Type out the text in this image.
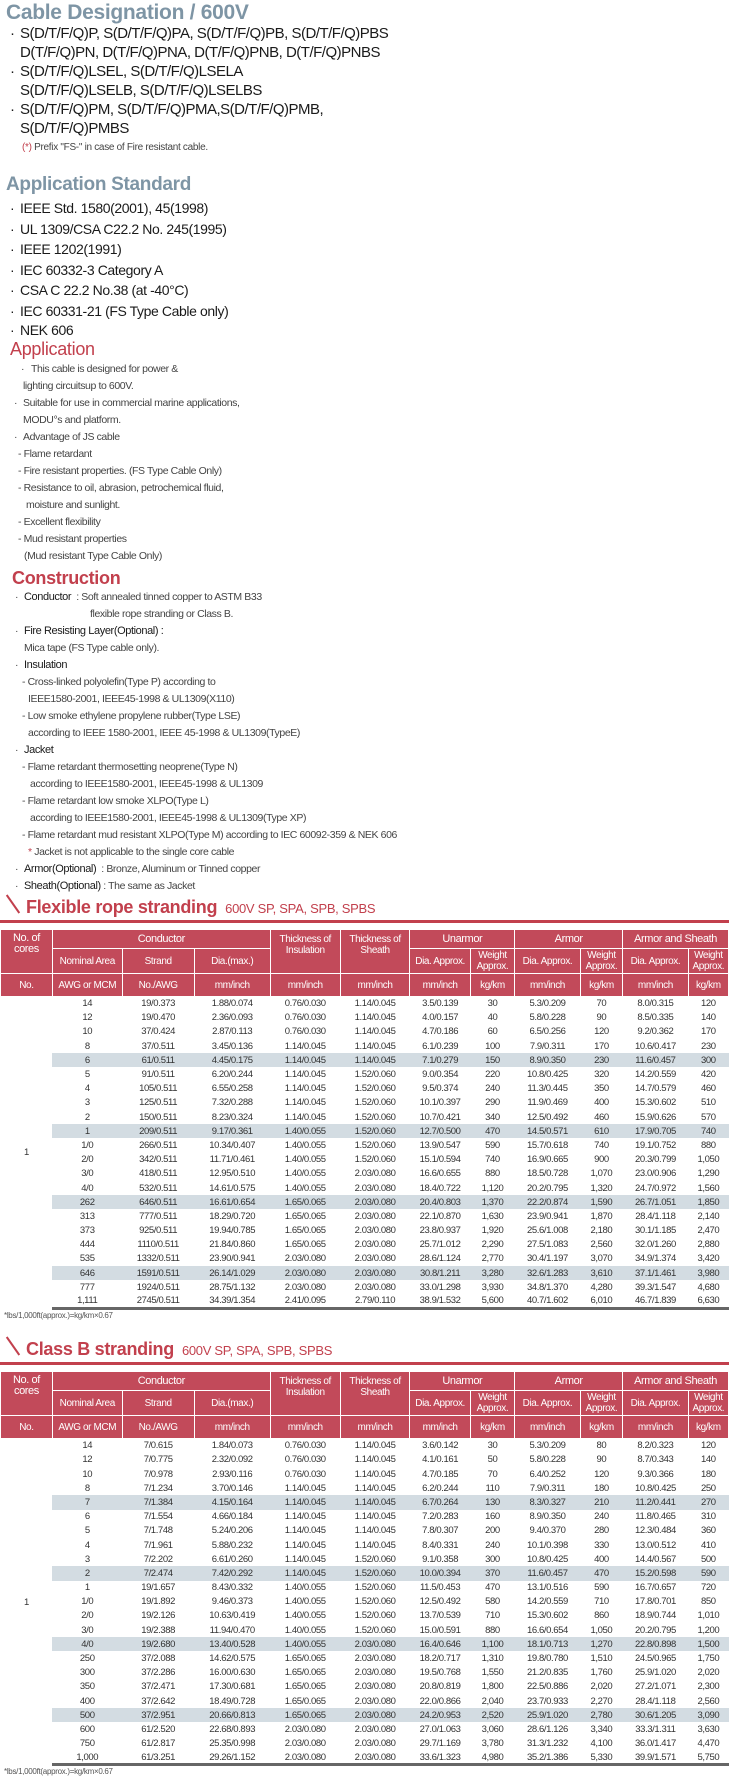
Cable Designation / 600V
· S(D/T/F/Q)P, S(D/T/F/Q)PA, S(D/T/F/Q)PB, S(D/T/F/Q)PBS
D(T/F/Q)PN, D(T/F/Q)PNA, D(T/F/Q)PNB, D(T/F/Q)PNBS
· S(D/T/F/Q)LSEL, S(D/T/F/Q)LSELA
S(D/T/F/Q)LSELB, S(D/T/F/Q)LSELBS
· S(D/T/F/Q)PM, S(D/T/F/Q)PMA,S(D/T/F/Q)PMB,
S(D/T/F/Q)PMBS
(*) Prefix "FS-" in case of Fire resistant cable.
Application Standard
· IEEE Std. 1580(2001), 45(1998)
· UL 1309/CSA C22.2 No. 245(1995)
· IEEE 1202(1991)
· IEC 60332-3 Category A
· CSA C 22.2 No.38 (at -40°C)
· IEC 60331-21 (FS Type Cable only)
· NEK 606
Application
· This cable is designed for power &
lighting circuitsup to 600V.
· Suitable for use in commercial marine applications,
MODU°s and platform.
· Advantage of JS cable
- Flame retardant
- Fire resistant properties. (FS Type Cable Only)
- Resistance to oil, abrasion, petrochemical fluid,
moisture and sunlight.
- Excellent flexibility
- Mud resistant properties
(Mud resistant Type Cable Only)
Construction
· Conductor : Soft annealed tinned copper to ASTM B33
flexible rope stranding or Class B.
· Fire Resisting Layer(Optional) :
Mica tape (FS Type cable only).
· Insulation
- Cross-linked polyolefin(Type P) according to
IEEE1580-2001, IEEE45-1998 & UL1309(X110)
- Low smoke ethylene propylene rubber(Type LSE)
according to IEEE 1580-2001, IEEE 45-1998 & UL1309(TypeE)
· Jacket
- Flame retardant thermosetting neoprene(Type N)
according to IEEE1580-2001, IEEE45-1998 & UL1309
- Flame retardant low smoke XLPO(Type L)
according to IEEE1580-2001, IEEE45-1998 & UL1309(Type XP)
- Flame retardant mud resistant XLPO(Type M) according to IEC 60092-359 & NEK 606
* Jacket is not applicable to the single core cable
· Armor(Optional) : Bronze, Aluminum or Tinned copper
· Sheath(Optional) : The same as Jacket
Flexible rope stranding 600V SP, SPA, SPB, SPBS
No. of cores	Conductor			Thickness of Insulation	Thickness of Sheath	Unarmor		Armor		Armor and Sheath	
	Nominal Area	Strand	Dia.(max.)			Dia. Approx.	Weight Approx.	Dia. Approx.	Weight Approx.	Dia. Approx.	Weight Approx.
No.	AWG or MCM	No./AWG	mm/inch	mm/inch	mm/inch	mm/inch	kg/km	mm/inch	kg/km	mm/inch	kg/km
1	14	19/0.373	1.88/0.074	0.76/0.030	1.14/0.045	3.5/0.139	30	5.3/0.209	70	8.0/0.315	120
	12	19/0.470	2.36/0.093	0.76/0.030	1.14/0.045	4.0/0.157	40	5.8/0.228	90	8.5/0.335	140
	10	37/0.424	2.87/0.113	0.76/0.030	1.14/0.045	4.7/0.186	60	6.5/0.256	120	9.2/0.362	170
	8	37/0.511	3.45/0.136	1.14/0.045	1.14/0.045	6.1/0.239	100	7.9/0.311	170	10.6/0.417	230
	6	61/0.511	4.45/0.175	1.14/0.045	1.14/0.045	7.1/0.279	150	8.9/0.350	230	11.6/0.457	300
	5	91/0.511	6.20/0.244	1.14/0.045	1.52/0.060	9.0/0.354	220	10.8/0.425	320	14.2/0.559	420
	4	105/0.511	6.55/0.258	1.14/0.045	1.52/0.060	9.5/0.374	240	11.3/0.445	350	14.7/0.579	460
	3	125/0.511	7.32/0.288	1.14/0.045	1.52/0.060	10.1/0.397	290	11.9/0.469	400	15.3/0.602	510
	2	150/0.511	8.23/0.324	1.14/0.045	1.52/0.060	10.7/0.421	340	12.5/0.492	460	15.9/0.626	570
	1	209/0.511	9.17/0.361	1.40/0.055	1.52/0.060	12.7/0.500	470	14.5/0.571	610	17.9/0.705	740
	1/0	266/0.511	10.34/0.407	1.40/0.055	1.52/0.060	13.9/0.547	590	15.7/0.618	740	19.1/0.752	880
	2/0	342/0.511	11.71/0.461	1.40/0.055	1.52/0.060	15.1/0.594	740	16.9/0.665	900	20.3/0.799	1,050
	3/0	418/0.511	12.95/0.510	1.40/0.055	2.03/0.080	16.6/0.655	880	18.5/0.728	1,070	23.0/0.906	1,290
	4/0	532/0.511	14.61/0.575	1.40/0.055	2.03/0.080	18.4/0.722	1,120	20.2/0.795	1,320	24.7/0.972	1,560
	262	646/0.511	16.61/0.654	1.65/0.065	2.03/0.080	20.4/0.803	1,370	22.2/0.874	1,590	26.7/1.051	1,850
	313	777/0.511	18.29/0.720	1.65/0.065	2.03/0.080	22.1/0.870	1,630	23.9/0.941	1,870	28.4/1.118	2,140
	373	925/0.511	19.94/0.785	1.65/0.065	2.03/0.080	23.8/0.937	1,920	25.6/1.008	2,180	30.1/1.185	2,470
	444	1110/0.511	21.84/0.860	1.65/0.065	2.03/0.080	25.7/1.012	2,290	27.5/1.083	2,560	32.0/1.260	2,880
	535	1332/0.511	23.90/0.941	2.03/0.080	2.03/0.080	28.6/1.124	2,770	30.4/1.197	3,070	34.9/1.374	3,420
	646	1591/0.511	26.14/1.029	2.03/0.080	2.03/0.080	30.8/1.211	3,280	32.6/1.283	3,610	37.1/1.461	3,980
	777	1924/0.511	28.75/1.132	2.03/0.080	2.03/0.080	33.0/1.298	3,930	34.8/1.370	4,280	39.3/1.547	4,680
	1,111	2745/0.511	34.39/1.354	2.41/0.095	2.79/0.110	38.9/1.532	5,600	40.7/1.602	6,010	46.7/1.839	6,630
*lbs/1,000ft(approx.)=kg/km×0.67
Class B stranding 600V SP, SPA, SPB, SPBS
No. of cores	Conductor			Thickness of Insulation	Thickness of Sheath	Unarmor		Armor		Armor and Sheath	
	Nominal Area	Strand	Dia.(max.)			Dia. Approx.	Weight Approx.	Dia. Approx.	Weight Approx.	Dia. Approx.	Weight Approx.
No.	AWG or MCM	No./AWG	mm/inch	mm/inch	mm/inch	mm/inch	kg/km	mm/inch	kg/km	mm/inch	kg/km
1	14	7/0.615	1.84/0.073	0.76/0.030	1.14/0.045	3.6/0.142	30	5.3/0.209	80	8.2/0.323	120
	12	7/0.775	2.32/0.092	0.76/0.030	1.14/0.045	4.1/0.161	50	5.8/0.228	90	8.7/0.343	140
	10	7/0.978	2.93/0.116	0.76/0.030	1.14/0.045	4.7/0.185	70	6.4/0.252	120	9.3/0.366	180
	8	7/1.234	3.70/0.146	1.14/0.045	1.14/0.045	6.2/0.244	110	7.9/0.311	180	10.8/0.425	250
	7	7/1.384	4.15/0.164	1.14/0.045	1.14/0.045	6.7/0.264	130	8.3/0.327	210	11.2/0.441	270
	6	7/1.554	4.66/0.184	1.14/0.045	1.14/0.045	7.2/0.283	160	8.9/0.350	240	11.8/0.465	310
	5	7/1.748	5.24/0.206	1.14/0.045	1.14/0.045	7.8/0.307	200	9.4/0.370	280	12.3/0.484	360
	4	7/1.961	5.88/0.232	1.14/0.045	1.14/0.045	8.4/0.331	240	10.1/0.398	330	13.0/0.512	410
	3	7/2.202	6.61/0.260	1.14/0.045	1.52/0.060	9.1/0.358	300	10.8/0.425	400	14.4/0.567	500
	2	7/2.474	7.42/0.292	1.14/0.045	1.52/0.060	10.0/0.394	370	11.6/0.457	470	15.2/0.598	590
	1	19/1.657	8.43/0.332	1.40/0.055	1.52/0.060	11.5/0.453	470	13.1/0.516	590	16.7/0.657	720
	1/0	19/1.892	9.46/0.373	1.40/0.055	1.52/0.060	12.5/0.492	580	14.2/0.559	710	17.8/0.701	850
	2/0	19/2.126	10.63/0.419	1.40/0.055	1.52/0.060	13.7/0.539	710	15.3/0.602	860	18.9/0.744	1,010
	3/0	19/2.388	11.94/0.470	1.40/0.055	1.52/0.060	15.0/0.591	880	16.6/0.654	1,050	20.2/0.795	1,200
	4/0	19/2.680	13.40/0.528	1.40/0.055	2.03/0.080	16.4/0.646	1,100	18.1/0.713	1,270	22.8/0.898	1,500
	250	37/2.088	14.62/0.575	1.65/0.065	2.03/0.080	18.2/0.717	1,310	19.8/0.780	1,510	24.5/0.965	1,750
	300	37/2.286	16.00/0.630	1.65/0.065	2.03/0.080	19.5/0.768	1,550	21.2/0.835	1,760	25.9/1.020	2,020
	350	37/2.471	17.30/0.681	1.65/0.065	2.03/0.080	20.8/0.819	1,800	22.5/0.886	2,020	27.2/1.071	2,300
	400	37/2.642	18.49/0.728	1.65/0.065	2.03/0.080	22.0/0.866	2,040	23.7/0.933	2,270	28.4/1.118	2,560
	500	37/2.951	20.66/0.813	1.65/0.065	2.03/0.080	24.2/0.953	2,520	25.9/1.020	2,780	30.6/1.205	3,090
	600	61/2.520	22.68/0.893	2.03/0.080	2.03/0.080	27.0/1.063	3,060	28.6/1.126	3,340	33.3/1.311	3,630
	750	61/2.817	25.35/0.998	2.03/0.080	2.03/0.080	29.7/1.169	3,780	31.3/1.232	4,100	36.0/1.417	4,470
	1,000	61/3.251	29.26/1.152	2.03/0.080	2.03/0.080	33.6/1.323	4,980	35.2/1.386	5,330	39.9/1.571	5,750
*lbs/1,000ft(approx.)=kg/km×0.67
